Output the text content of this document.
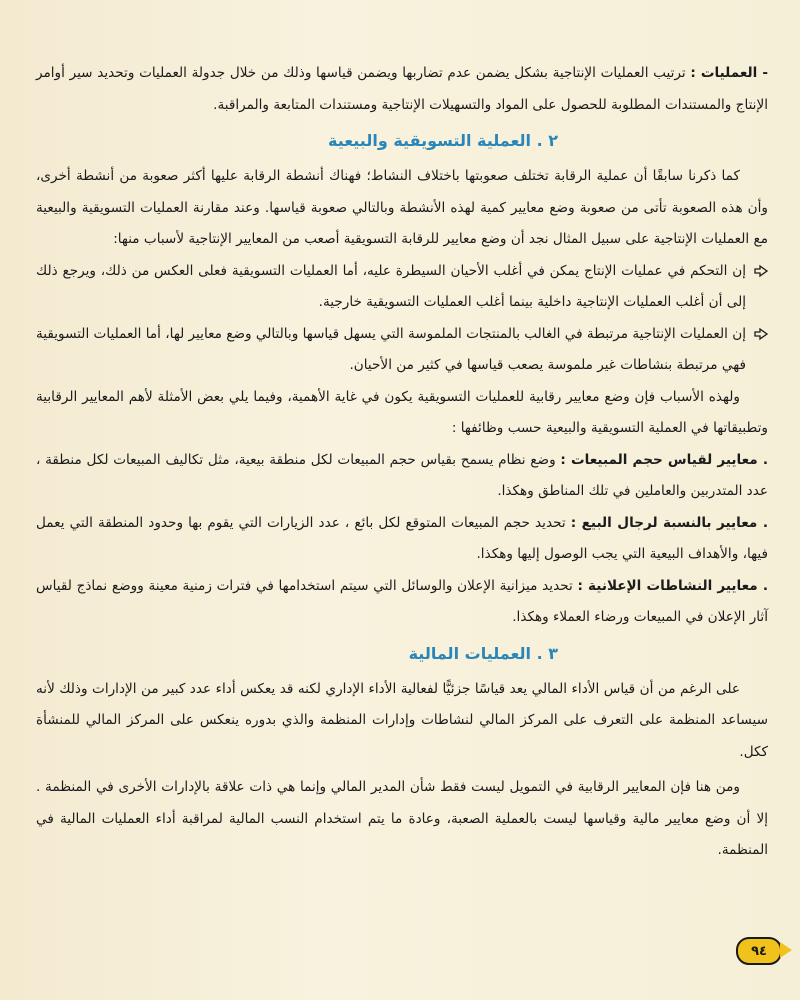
- العمليات : ترتيب العمليات الإنتاجية بشكل يضمن عدم تضاربها ويضمن قياسها وذلك من خلال جدولة العمليات وتحديد سير أوامر الإنتاج والمستندات المطلوبة للحصول على المواد والتسهيلات الإنتاجية ومستندات المتابعة والمراقبة.

٢ . العملية التسويقية والبيعية

كما ذكرنا سابقًا أن عملية الرقابة تختلف صعوبتها باختلاف النشاط؛ فهناك أنشطة الرقابة عليها أكثر صعوبة من أنشطة أخرى، وأن هذه الصعوبة تأتى من صعوبة وضع معايير كمية لهذه الأنشطة وبالتالي صعوبة قياسها. وعند مقارنة العمليات التسويقية والبيعية مع العمليات الإنتاجية على سبيل المثال نجد أن وضع معايير للرقابة التسويقية أصعب من المعايير الإنتاجية لأسباب منها:

إن التحكم في عمليات الإنتاج يمكن في أغلب الأحيان السيطرة عليه، أما العمليات التسويقية فعلى العكس من ذلك، ويرجع ذلك إلى أن أغلب العمليات الإنتاجية داخلية بينما أغلب العمليات التسويقية خارجية.

إن العمليات الإنتاجية مرتبطة في الغالب بالمنتجات الملموسة التي يسهل قياسها وبالتالي وضع معايير لها، أما العمليات التسويقية فهي مرتبطة بنشاطات غير ملموسة يصعب قياسها في كثير من الأحيان.

ولهذه الأسباب فإن وضع معايير رقابية للعمليات التسويقية يكون في غاية الأهمية، وفيما يلي بعض الأمثلة لأهم المعايير الرقابية وتطبيقاتها في العملية التسويقية والبيعية حسب وظائفها :

. معايير لقياس حجم المبيعات : وضع نظام يسمح بقياس حجم المبيعات لكل منطقة بيعية، مثل تكاليف المبيعات لكل منطقة ، عدد المتدربين والعاملين في تلك المناطق وهكذا.

. معايير بالنسبة لرجال البيع : تحديد حجم المبيعات المتوقع لكل بائع ، عدد الزيارات التي يقوم بها وحدود المنطقة التي يعمل فيها، والأهداف البيعية التي يجب الوصول إليها وهكذا.

. معايير النشاطات الإعلانية : تحديد ميزانية الإعلان والوسائل التي سيتم استخدامها في فترات زمنية معينة ووضع نماذج لقياس آثار الإعلان في المبيعات ورضاء العملاء وهكذا.

٣ . العمليات المالية

على الرغم من أن قياس الأداء المالي يعد قياسًا جزئيًّا لفعالية الأداء الإداري لكنه قد يعكس أداء عدد كبير من الإدارات وذلك لأنه سيساعد المنظمة على التعرف على المركز المالي لنشاطات وإدارات المنظمة والذي بدوره ينعكس على المركز المالي للمنشأة ككل.

ومن هنا فإن المعايير الرقابية في التمويل ليست فقط شأن المدير المالي وإنما هي ذات علاقة بالإدارات الأخرى في المنظمة . إلا أن وضع معايير مالية وقياسها ليست بالعملية الصعبة، وعادة ما يتم استخدام النسب المالية لمراقبة أداء العمليات المالية في المنظمة.

٩٤
